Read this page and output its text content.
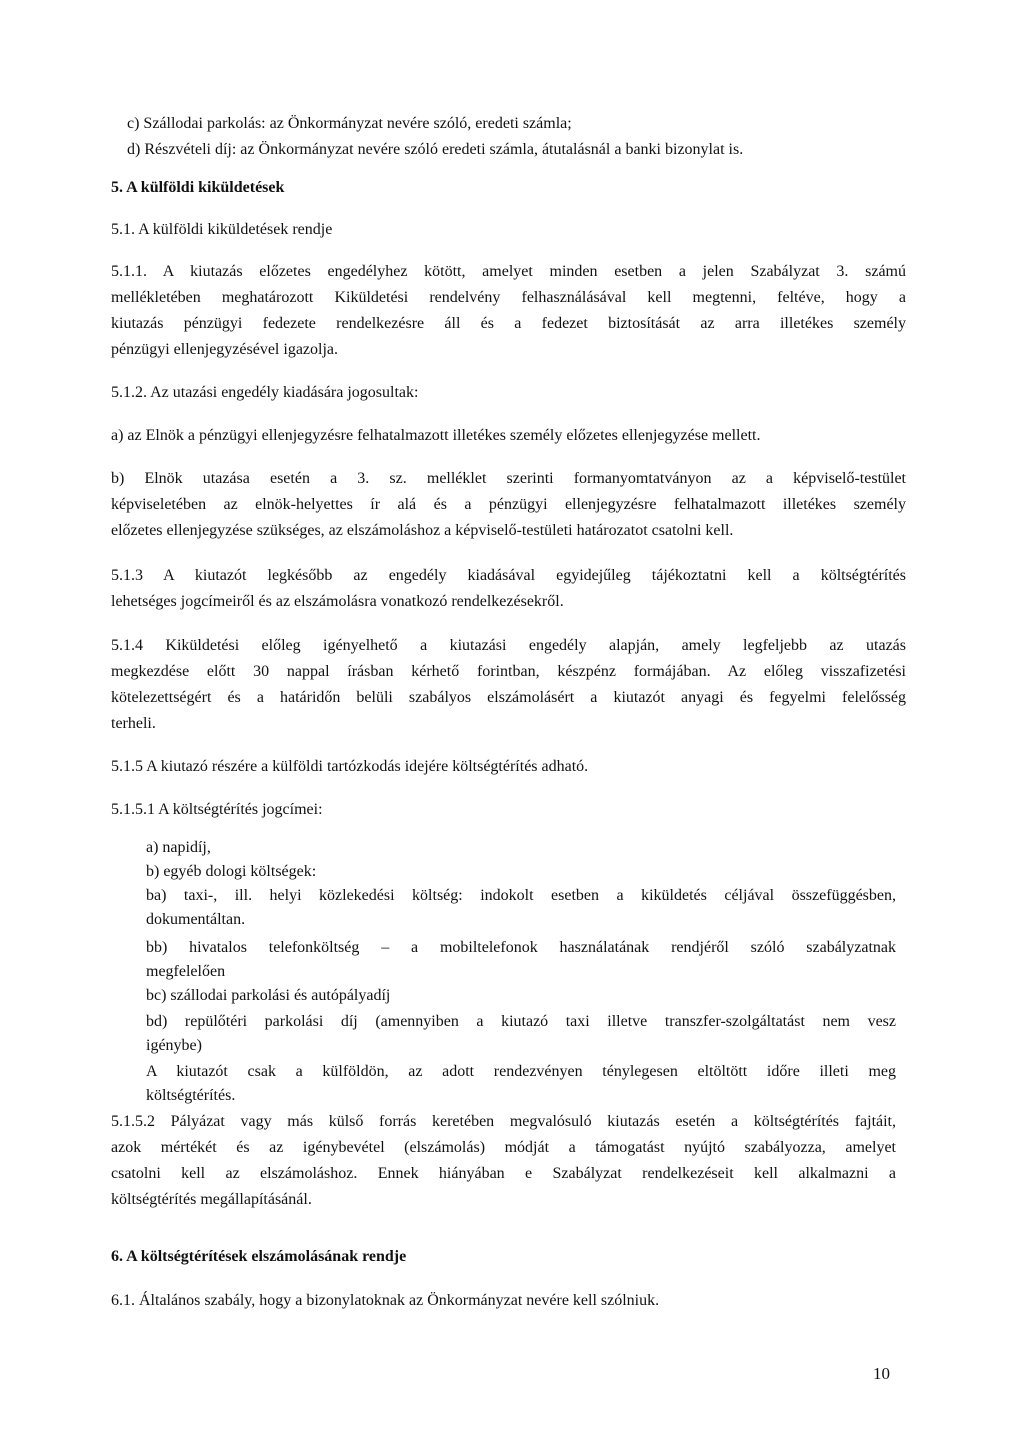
c) Szállodai parkolás: az Önkormányzat nevére szóló, eredeti számla;
d) Részvételi díj: az Önkormányzat nevére szóló eredeti számla, átutalásnál a banki bizonylat is.
5. A külföldi kiküldetések
5.1. A külföldi kiküldetések rendje
5.1.1. A kiutazás előzetes engedélyhez kötött, amelyet minden esetben a jelen Szabályzat 3. számú
mellékletében meghatározott Kiküldetési rendelvény felhasználásával kell megtenni, feltéve, hogy a
kiutazás pénzügyi fedezete rendelkezésre áll és a fedezet biztosítását az arra illetékes személy
pénzügyi ellenjegyzésével igazolja.
5.1.2. Az utazási engedély kiadására jogosultak:
a) az Elnök a pénzügyi ellenjegyzésre felhatalmazott illetékes személy előzetes ellenjegyzése mellett.
b) Elnök utazása esetén a 3. sz. melléklet szerinti formanyomtatványon az a képviselő-testület
képviseletében az elnök-helyettes ír alá és a pénzügyi ellenjegyzésre felhatalmazott illetékes személy
előzetes ellenjegyzése szükséges, az elszámoláshoz a képviselő-testületi határozatot csatolni kell.
5.1.3 A kiutazót legkésőbb az engedély kiadásával egyidejűleg tájékoztatni kell a költségtérítés
lehetséges jogcímeiről és az elszámolásra vonatkozó rendelkezésekről.
5.1.4 Kiküldetési előleg igényelhető a kiutazási engedély alapján, amely legfeljebb az utazás
megkezdése előtt 30 nappal írásban kérhető forintban, készpénz formájában. Az előleg visszafizetési
kötelezettségért és a határidőn belüli szabályos elszámolásért a kiutazót anyagi és fegyelmi felelősség
terheli.
5.1.5 A kiutazó részére a külföldi tartózkodás idejére költségtérítés adható.
5.1.5.1 A költségtérítés jogcímei:
a) napidíj,
b) egyéb dologi költségek:
ba) taxi-, ill. helyi közlekedési költség: indokolt esetben a kiküldetés céljával összefüggésben,
dokumentáltan.
bb) hivatalos telefonköltség – a mobiltelefonok használatának rendjéről szóló szabályzatnak
megfelelően
bc) szállodai parkolási és autópályadíj
bd) repülőtéri parkolási díj (amennyiben a kiutazó taxi illetve transzfer-szolgáltatást nem vesz
igénybe)
A kiutazót csak a külföldön, az adott rendezvényen ténylegesen eltöltött időre illeti meg
költségtérítés.
5.1.5.2 Pályázat vagy más külső forrás keretében megvalósuló kiutazás esetén a költségtérítés fajtáit,
azok mértékét és az igénybevétel (elszámolás) módját a támogatást nyújtó szabályozza, amelyet
csatolni kell az elszámoláshoz. Ennek hiányában e Szabályzat rendelkezéseit kell alkalmazni a
költségtérítés megállapításánál.
6. A költségtérítések elszámolásának rendje
6.1. Általános szabály, hogy a bizonylatoknak az Önkormányzat nevére kell szólniuk.
10
